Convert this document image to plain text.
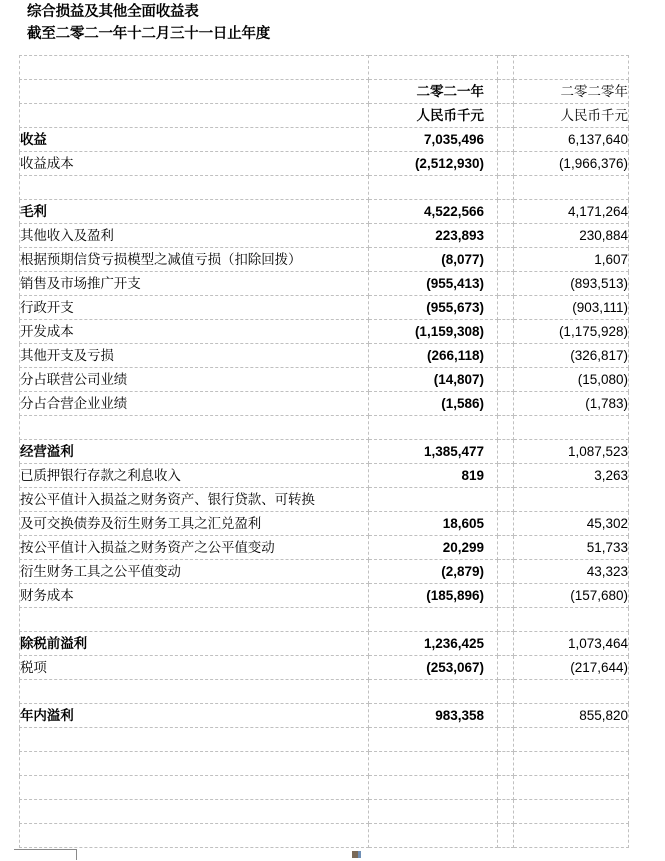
综合损益及其他全面收益表
截至二零二一年十二月三十一日止年度

	二零二一年		二零二零年
	人民币千元		人民币千元
收益	7,035,496		6,137,640
收益成本	(2,512,930)		(1,966,376)

毛利	4,522,566		4,171,264
其他收入及盈利	223,893		230,884
根据预期信贷亏损模型之减值亏损（扣除回拨）	(8,077)		1,607
销售及市场推广开支	(955,413)		(893,513)
行政开支	(955,673)		(903,111)
开发成本	(1,159,308)		(1,175,928)
其他开支及亏损	(266,118)		(326,817)
分占联营公司业绩	(14,807)		(15,080)
分占合营企业业绩	(1,586)		(1,783)

经营溢利	1,385,477		1,087,523
已质押银行存款之利息收入	819		3,263
按公平值计入损益之财务资产、银行贷款、可转换			
及可交换债券及衍生财务工具之汇兑盈利	18,605		45,302
按公平值计入损益之财务资产之公平值变动	20,299		51,733
衍生财务工具之公平值变动	(2,879)		43,323
财务成本	(185,896)		(157,680)

除税前溢利	1,236,425		1,073,464
税项	(253,067)		(217,644)

年内溢利	983,358		855,820
